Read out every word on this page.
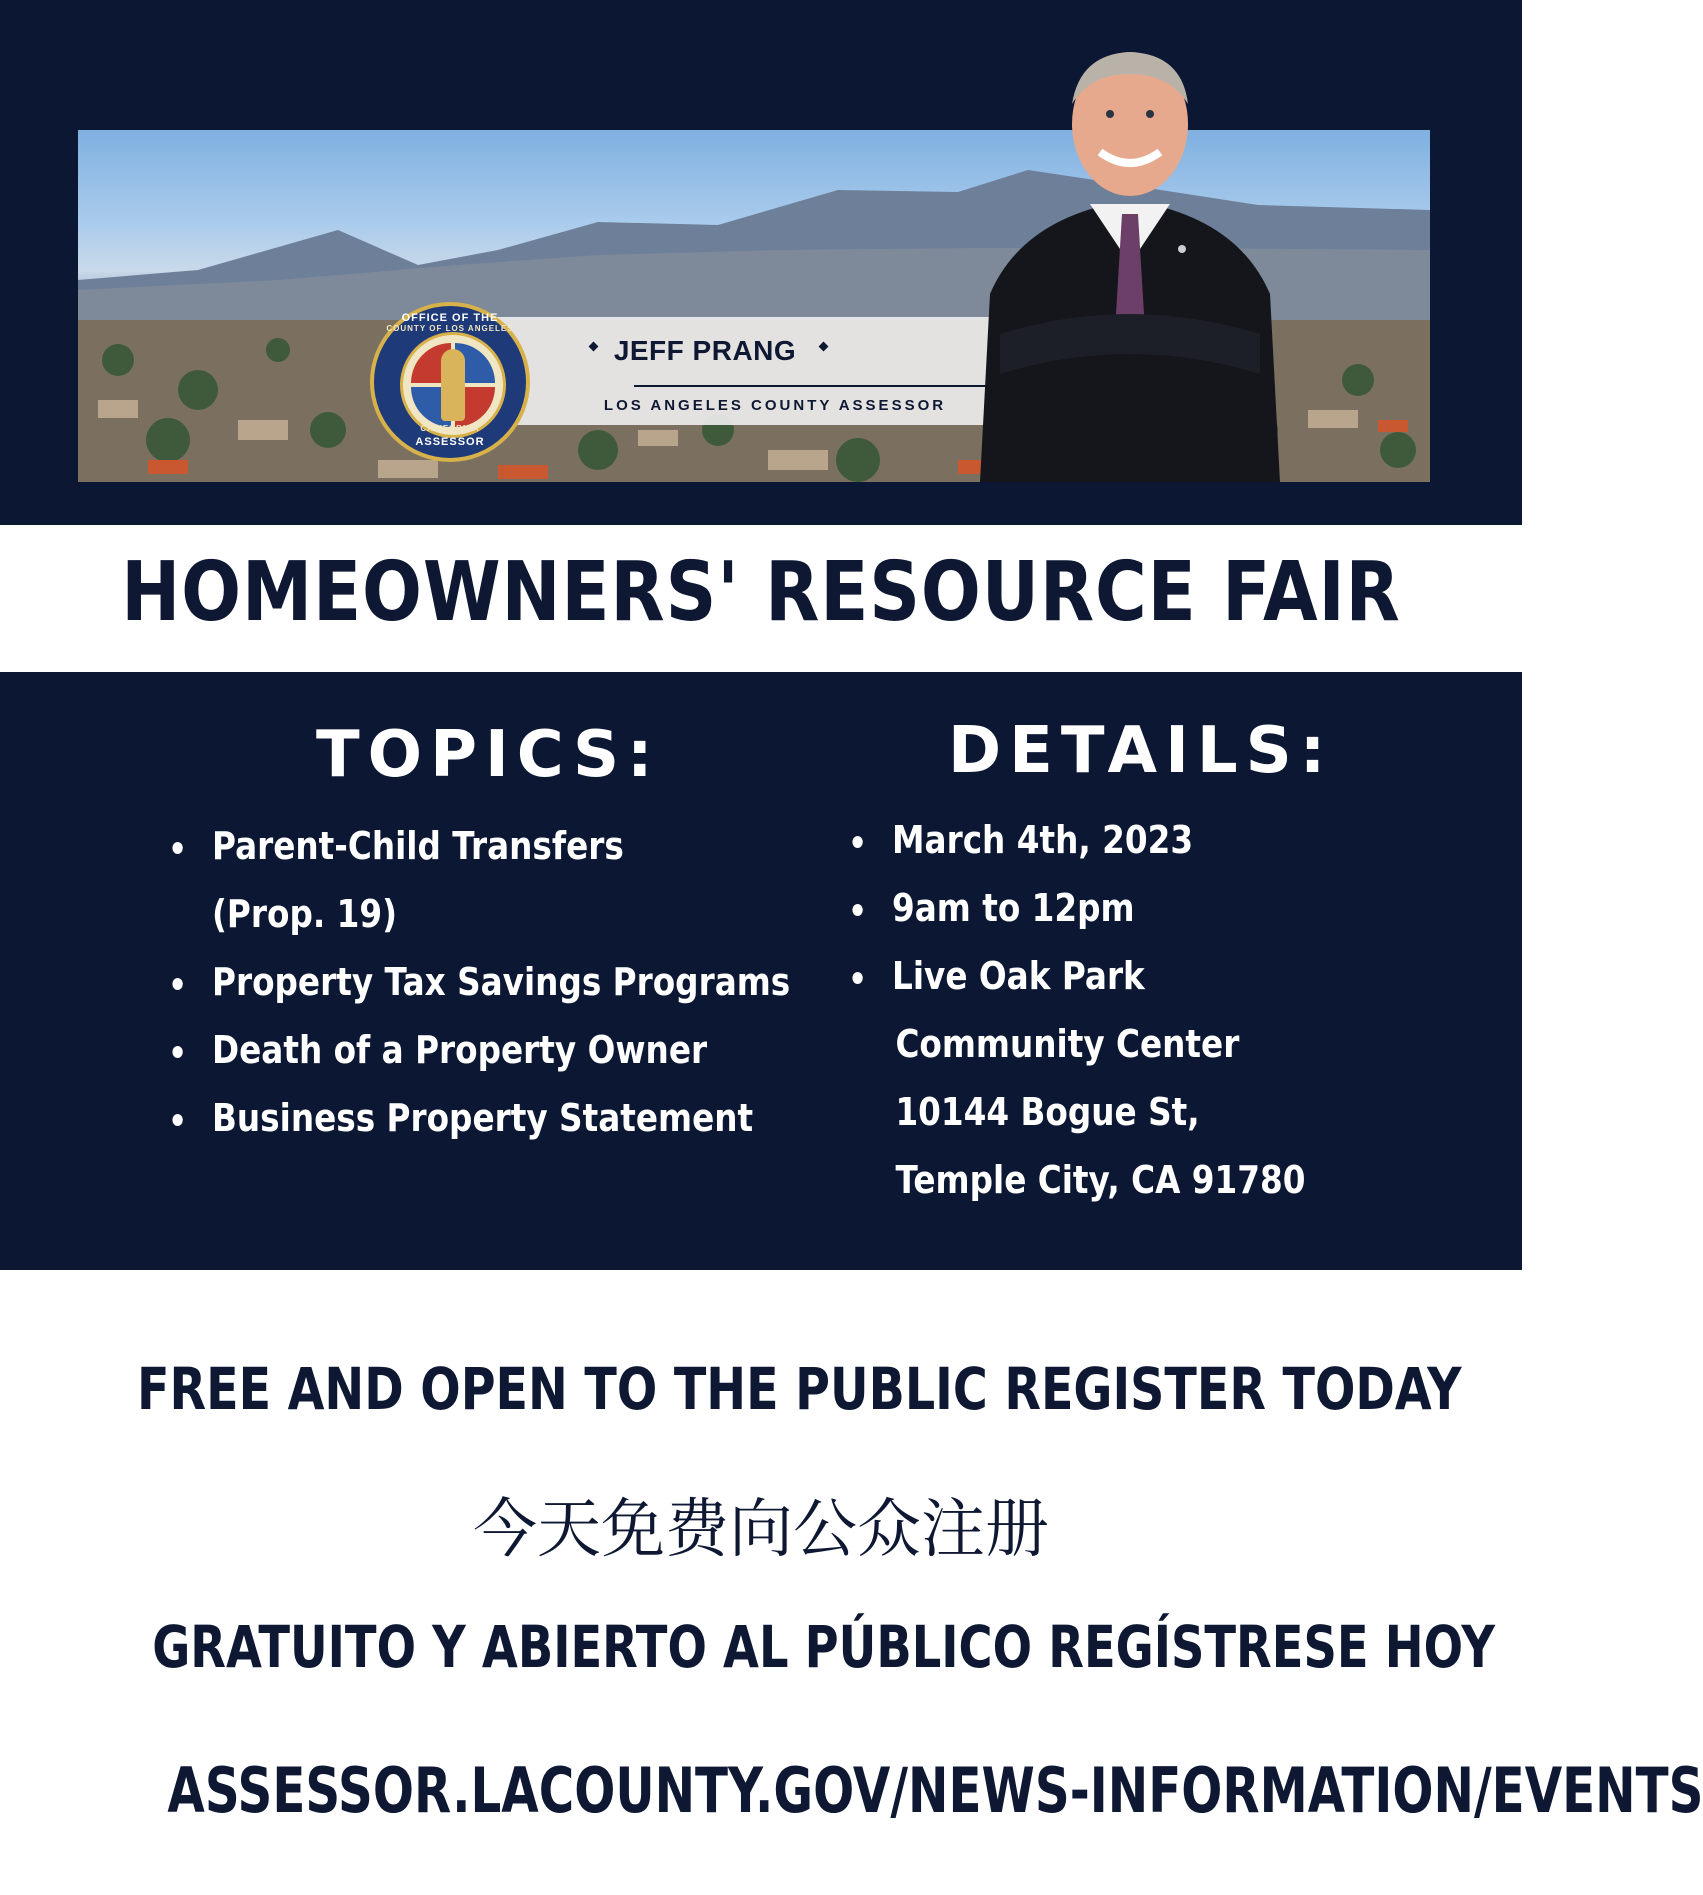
JEFF PRANG
LOS ANGELES COUNTY ASSESSOR
OFFICE OF THE
COUNTY OF LOS ANGELES
CALIFORNIA
ASSESSOR
HOMEOWNERS' RESOURCE FAIR
TOPICS:
Parent-Child Transfers
(Prop. 19)
Property Tax Savings Programs
Death of a Property Owner
Business Property Statement
DETAILS:
March 4th, 2023
9am to 12pm
Live Oak Park
Community Center
10144 Bogue St,
Temple City, CA 91780
FREE AND OPEN TO THE PUBLIC REGISTER TODAY
今天免费向公众注册
GRATUITO Y ABIERTO AL PÚBLICO REGÍSTRESE HOY
ASSESSOR.LACOUNTY.GOV/NEWS-INFORMATION/EVENTS
